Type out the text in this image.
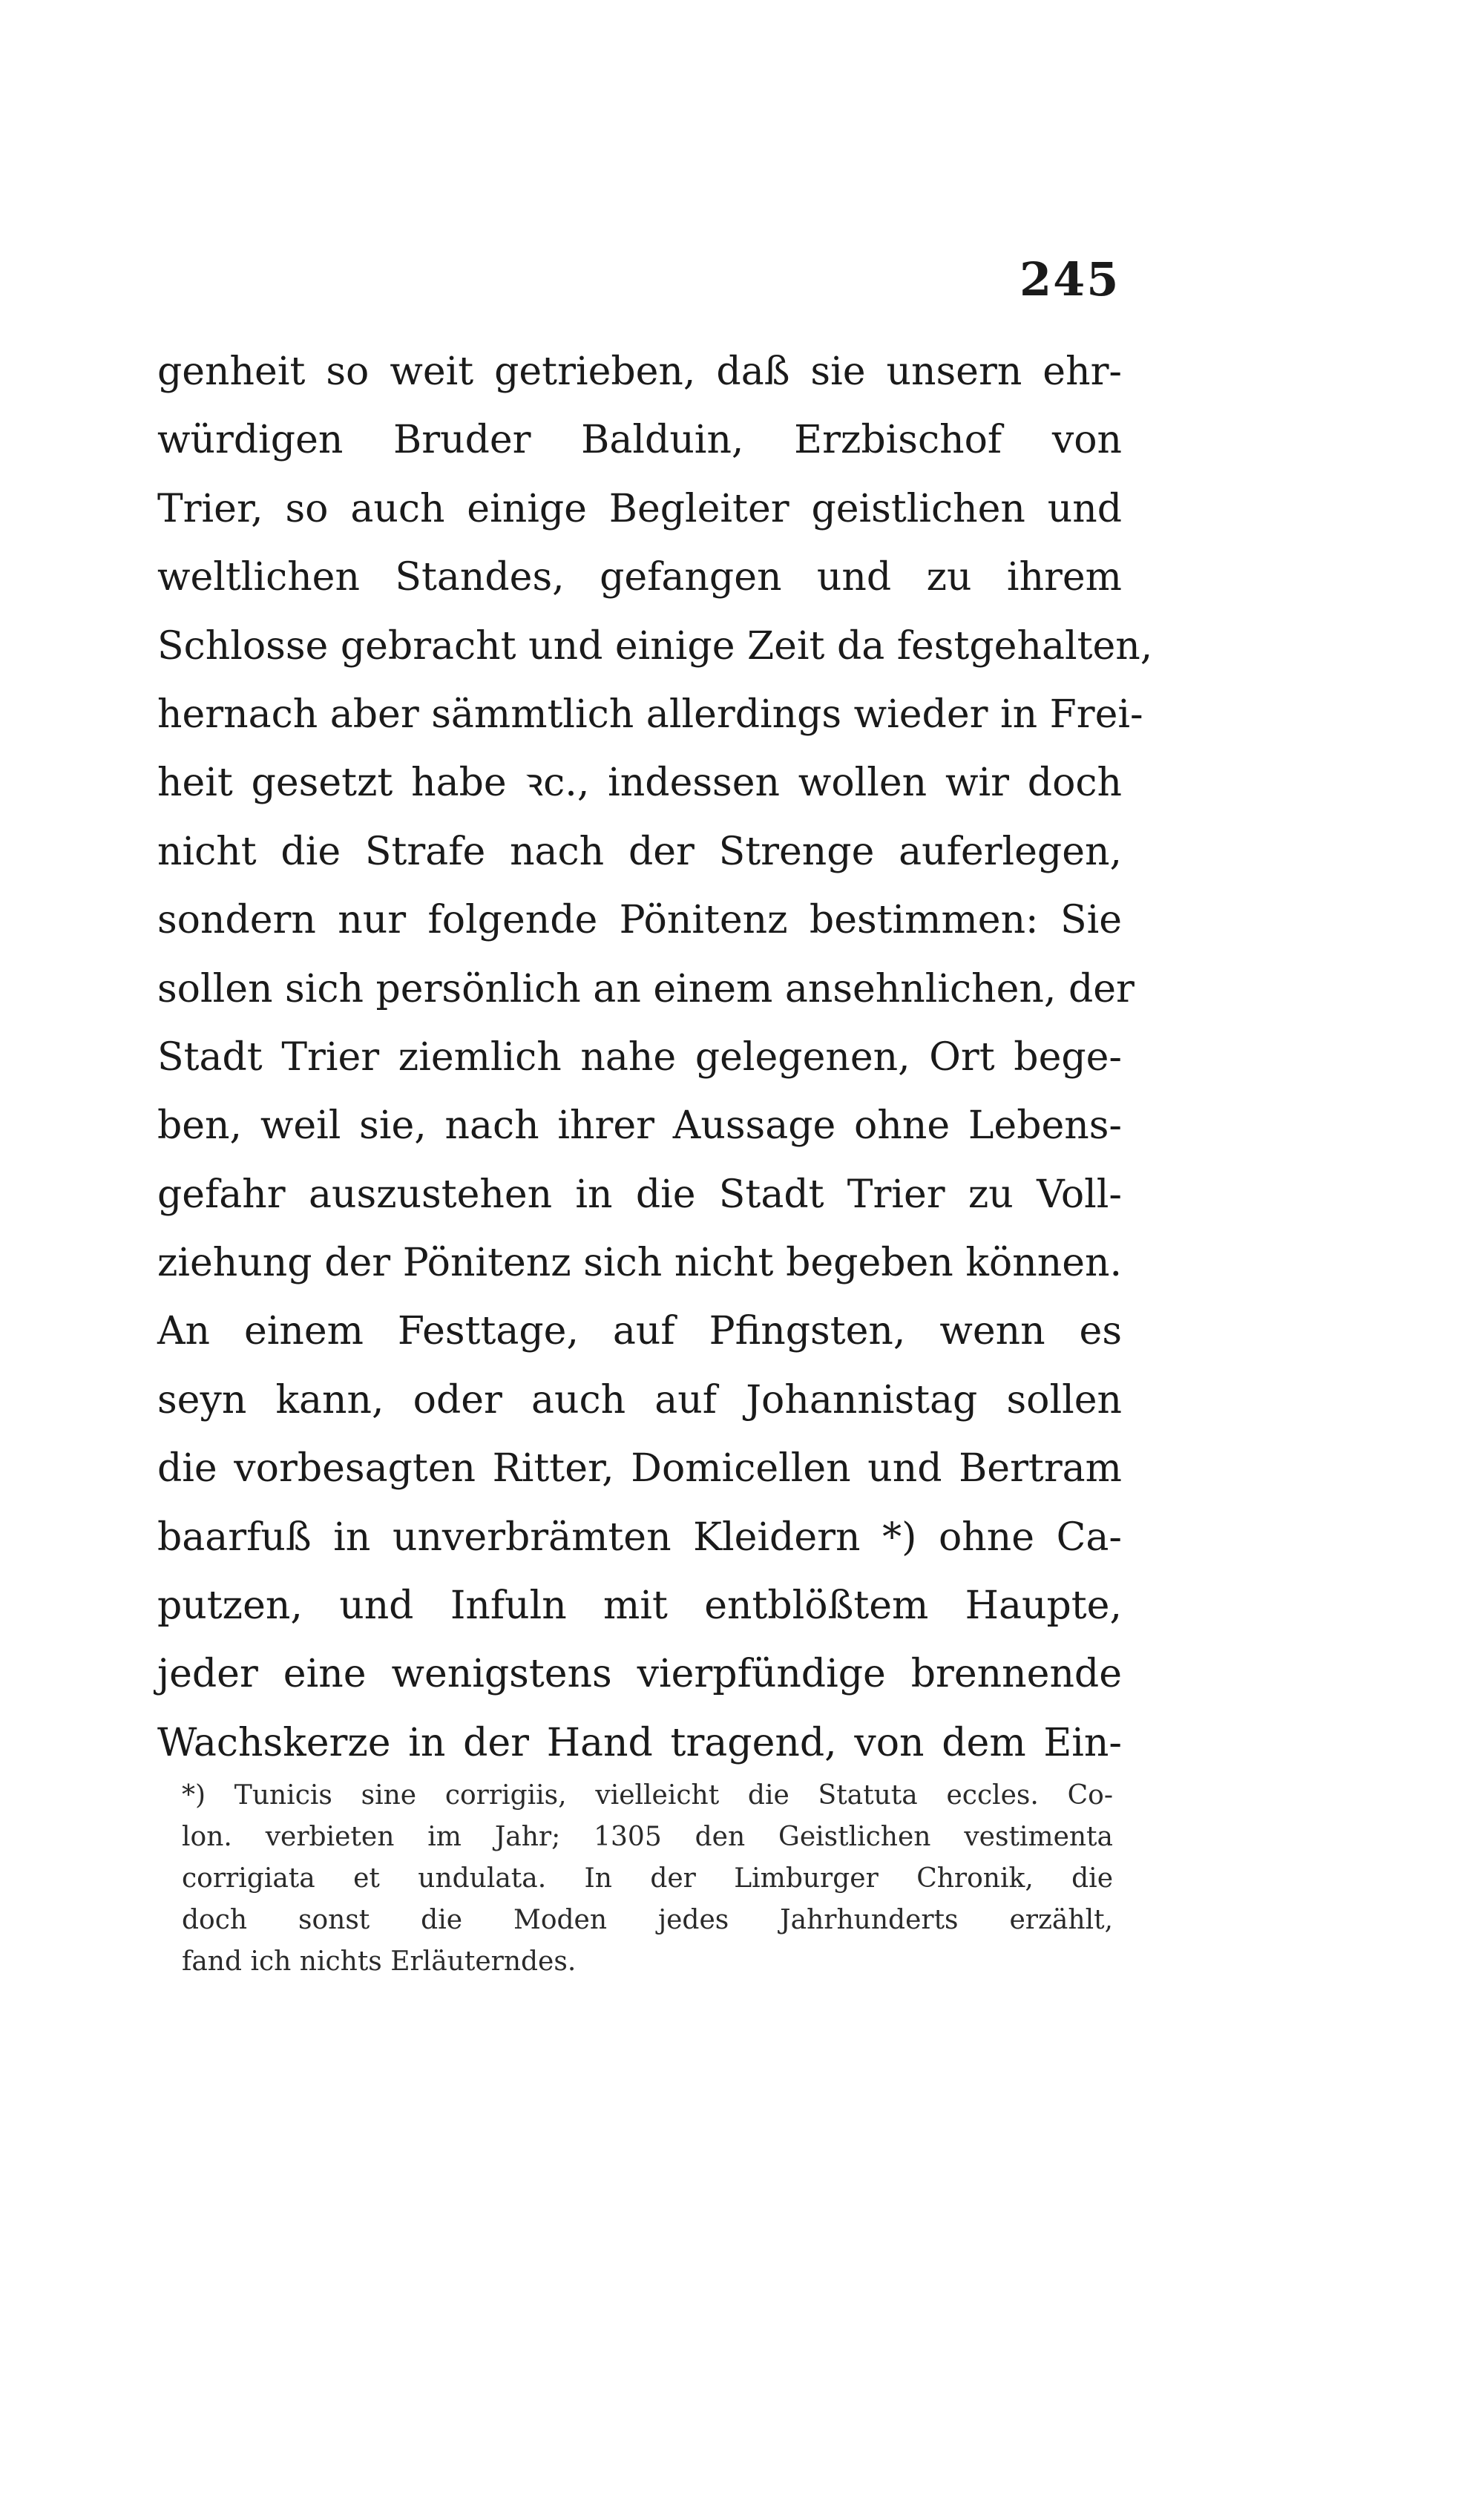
245
genheit so weit getrieben, daß sie unsern ehr-
würdigen Bruder Balduin, Erzbischof von
Trier, so auch einige Begleiter geistlichen und
weltlichen Standes, gefangen und zu ihrem
Schlosse gebracht und einige Zeit da festgehalten,
hernach aber sämmtlich allerdings wieder in Frei-
heit gesetzt habe ꝛc., indessen wollen wir doch
nicht die Strafe nach der Strenge auferlegen,
sondern nur folgende Pönitenz bestimmen: Sie
sollen sich persönlich an einem ansehnlichen, der
Stadt Trier ziemlich nahe gelegenen, Ort bege-
ben, weil sie, nach ihrer Aussage ohne Lebens-
gefahr auszustehen in die Stadt Trier zu Voll-
ziehung der Pönitenz sich nicht begeben können.
An einem Festtage, auf Pfingsten, wenn es
seyn kann, oder auch auf Johannistag sollen
die vorbesagten Ritter, Domicellen und Bertram
baarfuß in unverbrämten Kleidern *) ohne Ca-
putzen, und Infuln mit entblößtem Haupte,
jeder eine wenigstens vierpfündige brennende
Wachskerze in der Hand tragend, von dem Ein-
*) Tunicis sine corrigiis, vielleicht die Statuta eccles. Co-
lon. verbieten im Jahr; 1305 den Geistlichen vestimenta
corrigiata et undulata. In der Limburger Chronik, die
doch sonst die Moden jedes Jahrhunderts erzählt,
fand ich nichts Erläuterndes.
